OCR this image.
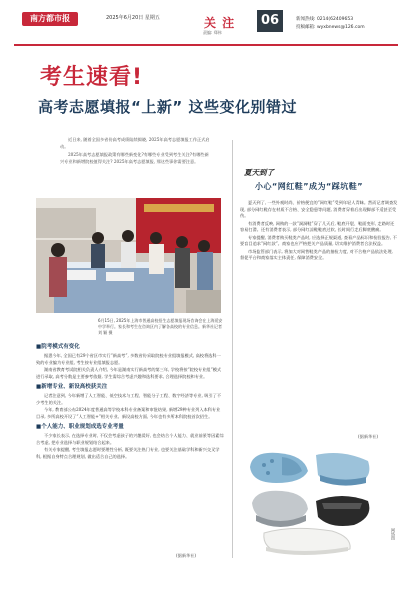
南方都市报	2025年6月20日 星期五	关 注
责编: 郑伟
06	新闻热线: 0214(62409653
投稿邮箱: wyxbnews@126.com
考生速看!
高考志愿填报“上新” 这些变化别错过

近日来, 随着全国多省份高考成绩陆续揭晓, 2025年高考志愿填报工作正式启动。

2025年高考志愿填报政策有哪些新变化?有哪些专业受到考生关注?有哪些新兴专业和新增院校值得关注? 2025年高考志愿填报, 那这些事你需要注意。

6月15日, 2025年上海市普通高校招生志愿填报现场咨询会在上海延安中学举行。家长和考生在咨询区内了解各高校的专业信息。新华社记者 刘 颖 摄
■院考模式有变化

据悉今年, 全国已有29个省区市实行“新高考”, 多数省份采取院校专业组填报模式, 高校将选科一致的专业编为专业组, 考生按专业组填报志愿。

湖南省教育考试院相关负责人介绍, 今年是湖南实行新高考的第三年, 学校将按“院校专业组”模式进行录取, 高考分数是主要参考依据, 学生需综合考虑兴趣和选科要求, 合理选择院校和专业。

■新增专业、新设高校获关注

记者注意到, 今年新增了人工智能、低空技术与工程、智能分子工程、数字经济等专业, 吸引了不少考生的关注。

今年, 教育部公布2024年度普通高等学校本科专业备案和审批结果, 新增29种专业列入本科专业目录, 多所高校开设了“人工智能+”相关专业。新设高校方面, 今年也有多所本科院校首次招生。

■个人能力、职业规划成选专业考量

不少家长表示, 在选择专业时, 不仅会考虑孩子的兴趣爱好, 也会结合个人能力、就业前景等因素综合考虑, 把专业选择与职业规划结合起来。

有关专家提醒, 考生填报志愿时要理性分析, 既要关注热门专业, 也要关注基础学科和新兴交叉学科, 根据自身特点合理规划, 做出适合自己的选择。

(据新华社)
夏天到了
小心“网红鞋”成为“踩坑鞋”

夏天到了, 一些外观时尚、价格便宜的“网红鞋”受到年轻人青睐。然而记者调查发现, 部分网红鞋存在材质不合格、安全隐患等问题, 消费者穿着后出现脚部不适甚至受伤。

有消费者反映, 网购的一款“洞洞鞋”穿了几天后, 鞋底开裂、鞋面变形, 走路时还容易打滑。还有消费者表示, 部分网红凉鞋鞋底过软, 长时间行走后脚底酸痛。

专家提醒, 消费者购买鞋类产品时, 应选择正规渠道, 查看产品标识和检验报告, 不要盲目追求“网红款”。商家也应严格把关产品质量, 切实维护消费者合法权益。

市场监管部门表示, 将加大对网售鞋类产品的抽检力度, 对不合格产品依法处理, 督促平台和商家落实主体责任, 保障消费安全。

(据新华社)
网络图
